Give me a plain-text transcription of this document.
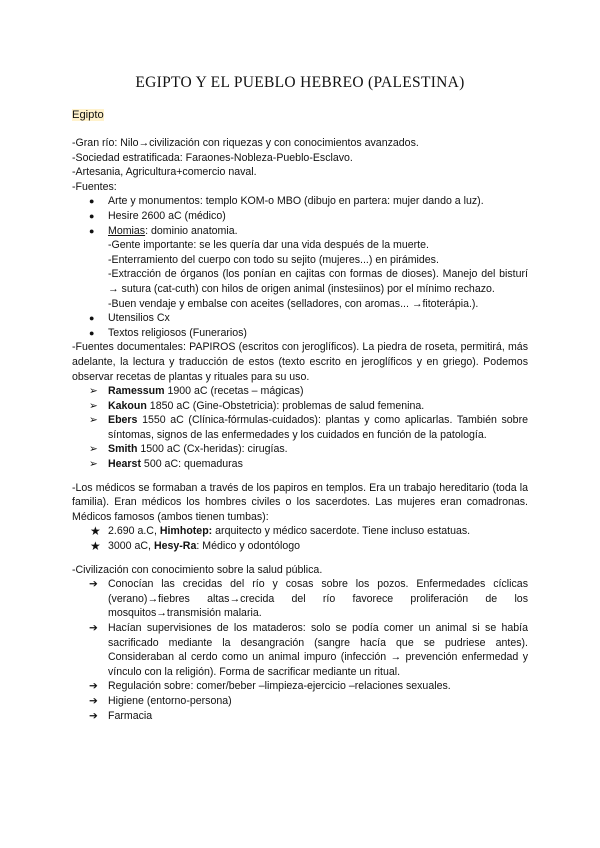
EGIPTO Y EL PUEBLO HEBREO (PALESTINA)
Egipto

-Gran río: Nilo→civilización con riquezas y con conocimientos avanzados.

-Sociedad estratificada: Faraones-Nobleza-Pueblo-Esclavo.

-Artesania, Agricultura+comercio naval.

-Fuentes:

● Arte y monumentos: templo KOM-o MBO (dibujo en partera: mujer dando a luz).
● Hesire 2600 aC (médico)
● Momias: dominio anatomia.
-Gente importante: se les quería dar una vida después de la muerte.
-Enterramiento del cuerpo con todo su sejito (mujeres...) en pirámides.
-Extracción de órganos (los ponían en cajitas con formas de dioses). Manejo del bisturí → sutura (cat-cuth) con hilos de origen animal (instesiinos) por el mínimo rechazo.
-Buen vendaje y embalse con aceites (selladores, con aromas... →fitoterápia.).
● Utensilios Cx
● Textos religiosos (Funerarios)

-Fuentes documentales: PAPIROS (escritos con jeroglíficos). La piedra de roseta, permitirá, más adelante, la lectura y traducción de estos (texto escrito en jeroglíficos y en griego). Podemos observar recetas de plantas y rituales para su uso.

➢ Ramessum 1900 aC (recetas – mágicas)
➢ Kakoun 1850 aC (Gine-Obstetricia): problemas de salud femenina.
➢ Ebers 1550 aC (Clínica-fórmulas-cuidados): plantas y como aplicarlas. También sobre síntomas, signos de las enfermedades y los cuidados en función de la patología.
➢ Smith 1500 aC (Cx-heridas): cirugías.
➢ Hearst 500 aC: quemaduras

-Los médicos se formaban a través de los papiros en templos. Era un trabajo hereditario (toda la familia). Eran médicos los hombres civiles o los sacerdotes. Las mujeres eran comadronas. Médicos famosos (ambos tienen tumbas):

★ 2.690 a.C, Himhotep: arquitecto y médico sacerdote. Tiene incluso estatuas.
★ 3000 aC, Hesy-Ra: Médico y odontólogo

-Civilización con conocimiento sobre la salud pública.

➔ Conocían las crecidas del río y cosas sobre los pozos. Enfermedades cíclicas (verano)→fiebres altas→crecida del río favorece proliferación de los mosquitos→transmisión malaria.
➔ Hacían supervisiones de los mataderos: solo se podía comer un animal si se había sacrificado mediante la desangración (sangre hacía que se pudriese antes). Consideraban al cerdo como un animal impuro (infección → prevención enfermedad y vínculo con la religión). Forma de sacrificar mediante un ritual.
➔ Regulación sobre: comer/beber –limpieza-ejercicio –relaciones sexuales.
➔ Higiene (entorno-persona)
➔ Farmacia
